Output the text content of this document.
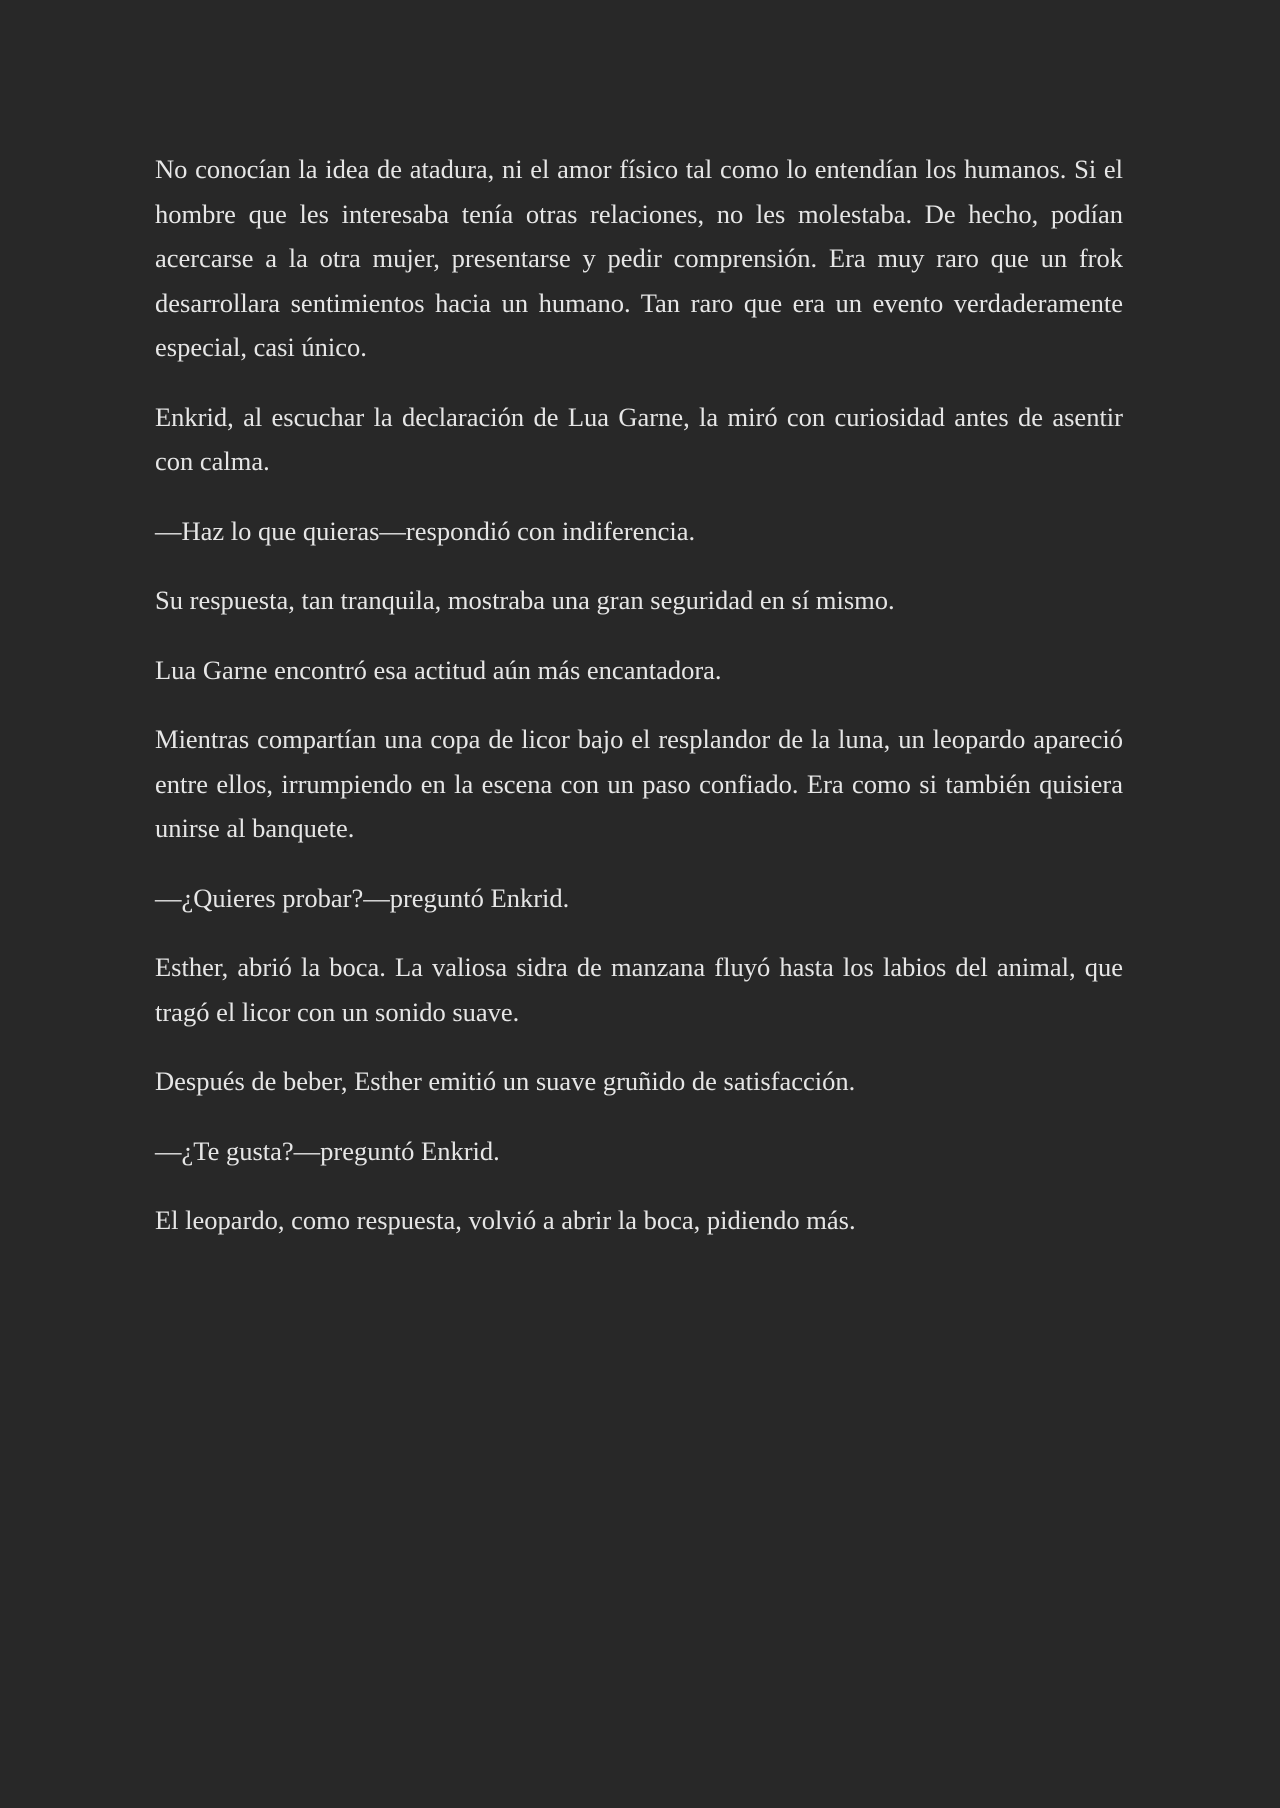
No conocían la idea de atadura, ni el amor físico tal como lo entendían los humanos. Si el hombre que les interesaba tenía otras relaciones, no les molestaba. De hecho, podían acercarse a la otra mujer, presentarse y pedir comprensión. Era muy raro que un frok desarrollara sentimientos hacia un humano. Tan raro que era un evento verdaderamente especial, casi único.

Enkrid, al escuchar la declaración de Lua Garne, la miró con curiosidad antes de asentir con calma.

—Haz lo que quieras—respondió con indiferencia.

Su respuesta, tan tranquila, mostraba una gran seguridad en sí mismo.

Lua Garne encontró esa actitud aún más encantadora.

Mientras compartían una copa de licor bajo el resplandor de la luna, un leopardo apareció entre ellos, irrumpiendo en la escena con un paso confiado. Era como si también quisiera unirse al banquete.

—¿Quieres probar?—preguntó Enkrid.

Esther, abrió la boca. La valiosa sidra de manzana fluyó hasta los labios del animal, que tragó el licor con un sonido suave.

Después de beber, Esther emitió un suave gruñido de satisfacción.

—¿Te gusta?—preguntó Enkrid.

El leopardo, como respuesta, volvió a abrir la boca, pidiendo más.
